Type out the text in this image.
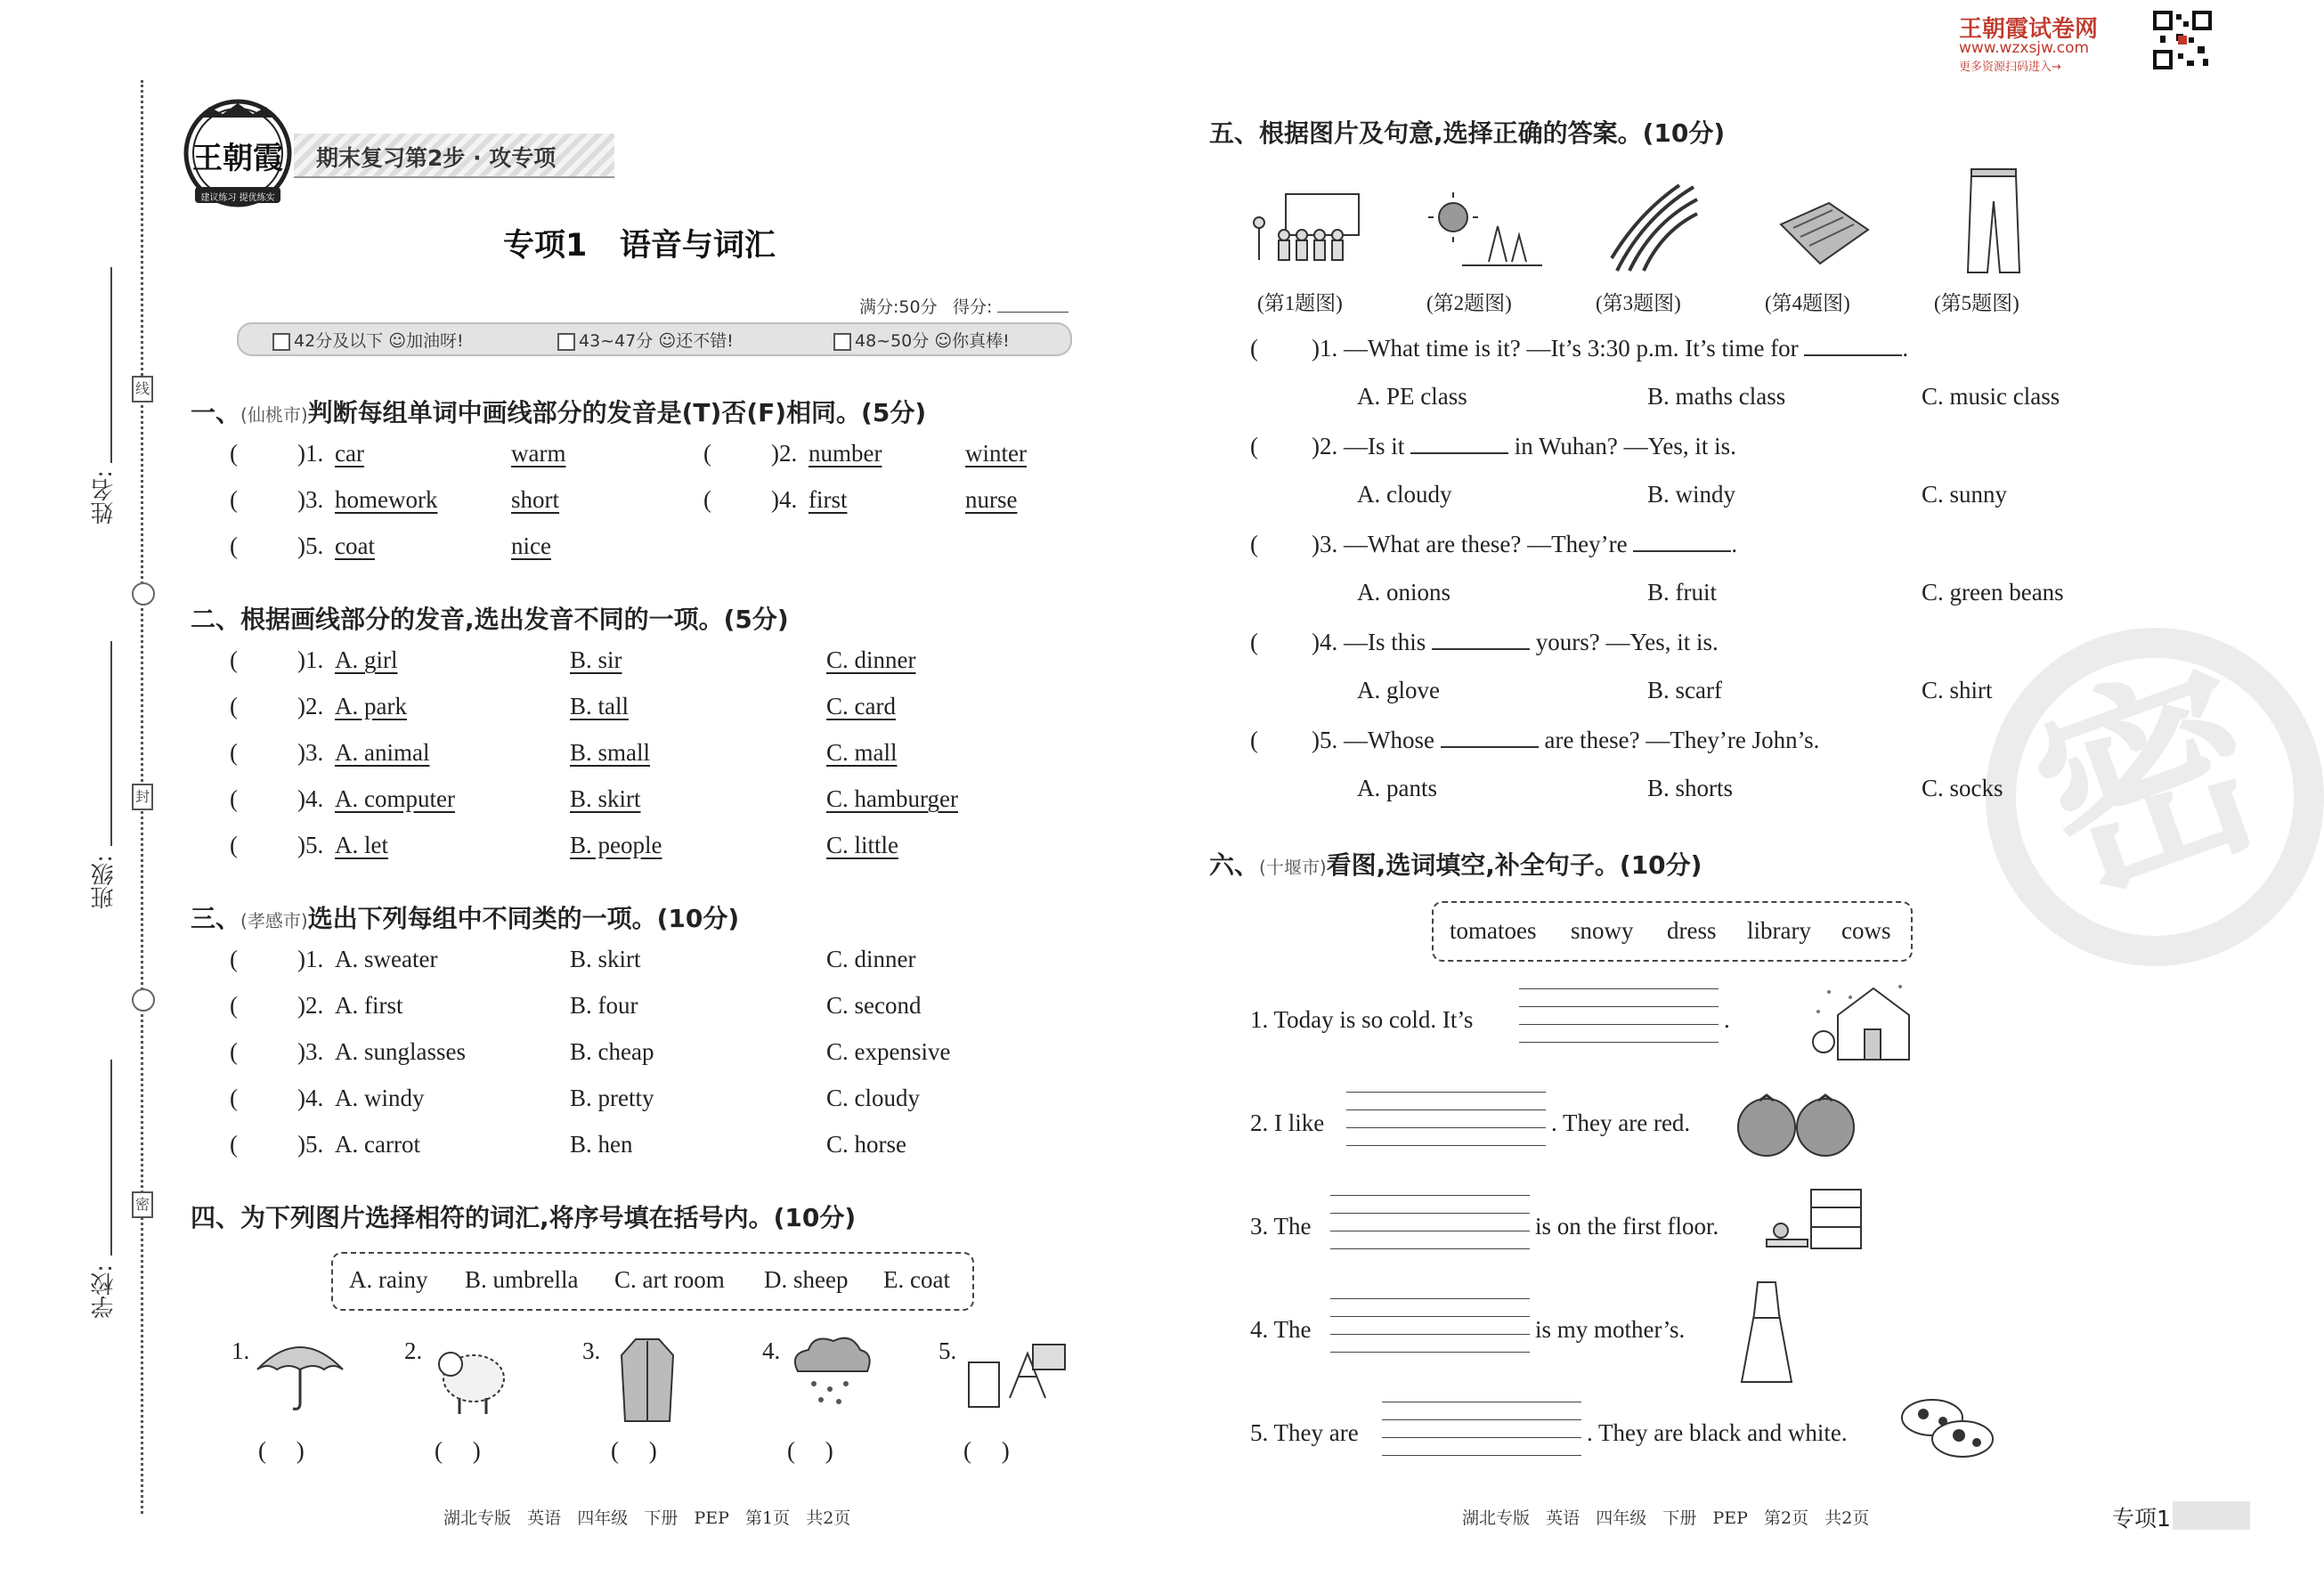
线
封
密
姓名:
班级:
学校:
王朝霞
建议练习 提优练实
期末复习第2步 · 攻专项
专项1   语音与词汇
满分:50分 得分:
42分及以下 ☺加油呀!	43~47分 ☺还不错!	48~50分 ☺你真棒!
一、(仙桃市)判断每组单词中画线部分的发音是(T)否(F)相同。(5分)
( )1. car	warm	( )2. number	winter
( )3. homework	short	( )4. first	nurse
( )5. coat	nice
二、根据画线部分的发音,选出发音不同的一项。(5分)
三、(孝感市)选出下列每组中不同类的一项。(10分)
四、为下列图片选择相符的词汇,将序号填在括号内。(10分)
A. rainy B. umbrella C. art room D. sheep E. coat
1.	2.	3.	4.	5.
(     )	(     )	(     )	(     )	(     )
湖北专版   英语   四年级   下册   PEP   第1页   共2页
王朝霞试卷网
www.wzxsjw.com
更多资源扫码进入→
密
五、根据图片及句意,选择正确的答案。(10分)
(第1题图)	(第2题图)	(第3题图)	(第4题图)	(第5题图)
六、(十堰市)看图,选词填空,补全句子。(10分)
tomatoes snowy dress library cows
湖北专版   英语   四年级   下册   PEP   第2页   共2页	专项1
( )1. A. girl	B. sir	C. dinner
( )2. A. park	B. tall	C. card
( )3. A. animal	B. small	C. mall
( )4. A. computer	B. skirt	C. hamburger
( )5. A. let	B. people	C. little
( )1. A. sweater	B. skirt	C. dinner
( )2. A. first	B. four	C. second
( )3. A. sunglasses	B. cheap	C. expensive
( )4. A. windy	B. pretty	C. cloudy
( )5. A. carrot	B. hen	C. horse
( )1. —What time is it? —It’s 3:30 p.m. It’s time for	.
A. PE class	B. maths class	C. music class
( )2. —Is it	in Wuhan? —Yes, it is.
A. cloudy	B. windy	C. sunny
( )3. —What are these? —They’re	.
A. onions	B. fruit	C. green beans
( )4. —Is this	yours? —Yes, it is.
A. glove	B. scarf	C. shirt
( )5. —Whose	are these? —They’re John’s.
A. pants	B. shorts	C. socks
1. Today is so cold. It’s	.
2. I like	. They are red.
3. The	is on the first floor.
4. The	is my mother’s.
5. They are	. They are black and white.
